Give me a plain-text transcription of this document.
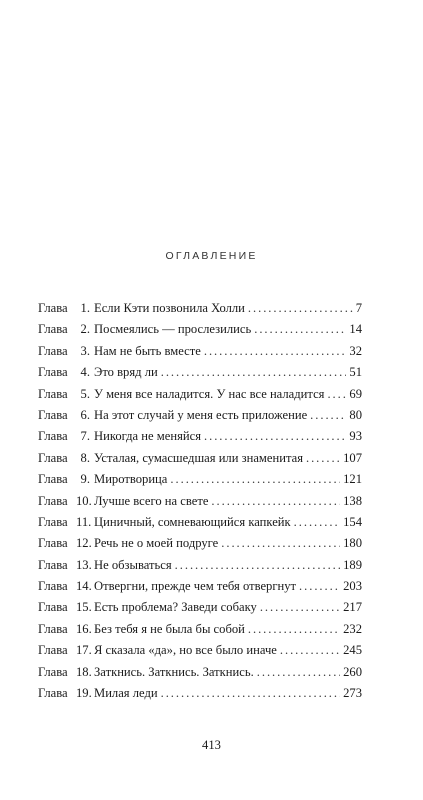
ОГЛАВЛЕНИЕ
Глава	1. Если Кэти позвонила Холли . . .	7
Глава	2. Посмеялись — прослезились . . .	14
Глава	3. Нам не быть вместе . . .	32
Глава	4. Это вряд ли . . .	51
Глава	5. У меня все наладится. У нас все наладится . . . 69
Глава	6. На этот случай у меня есть приложение . . .	80
Глава	7. Никогда не меняйся . . .	93
Глава	8. Усталая, сумасшедшая или знаменитая . . .	107
Глава	9. Миротворица . . .	121
Глава 10. Лучше всего на свете . . .	138
Глава 11. Циничный, сомневающийся капкейк . . .	154
Глава 12. Речь не о моей подруге . . .	180
Глава 13. Не обзываться . . .	189
Глава 14. Отвергни, прежде чем тебя отвергнут . . .	203
Глава 15. Есть проблема? Заведи собаку . . .	217
Глава 16. Без тебя я не была бы собой . . .	232
Глава 17. Я сказала «да», но все было иначе . . .	245
Глава 18. Заткнись. Заткнись. Заткнись. . . .	260
Глава 19. Милая леди . . .	273
413
